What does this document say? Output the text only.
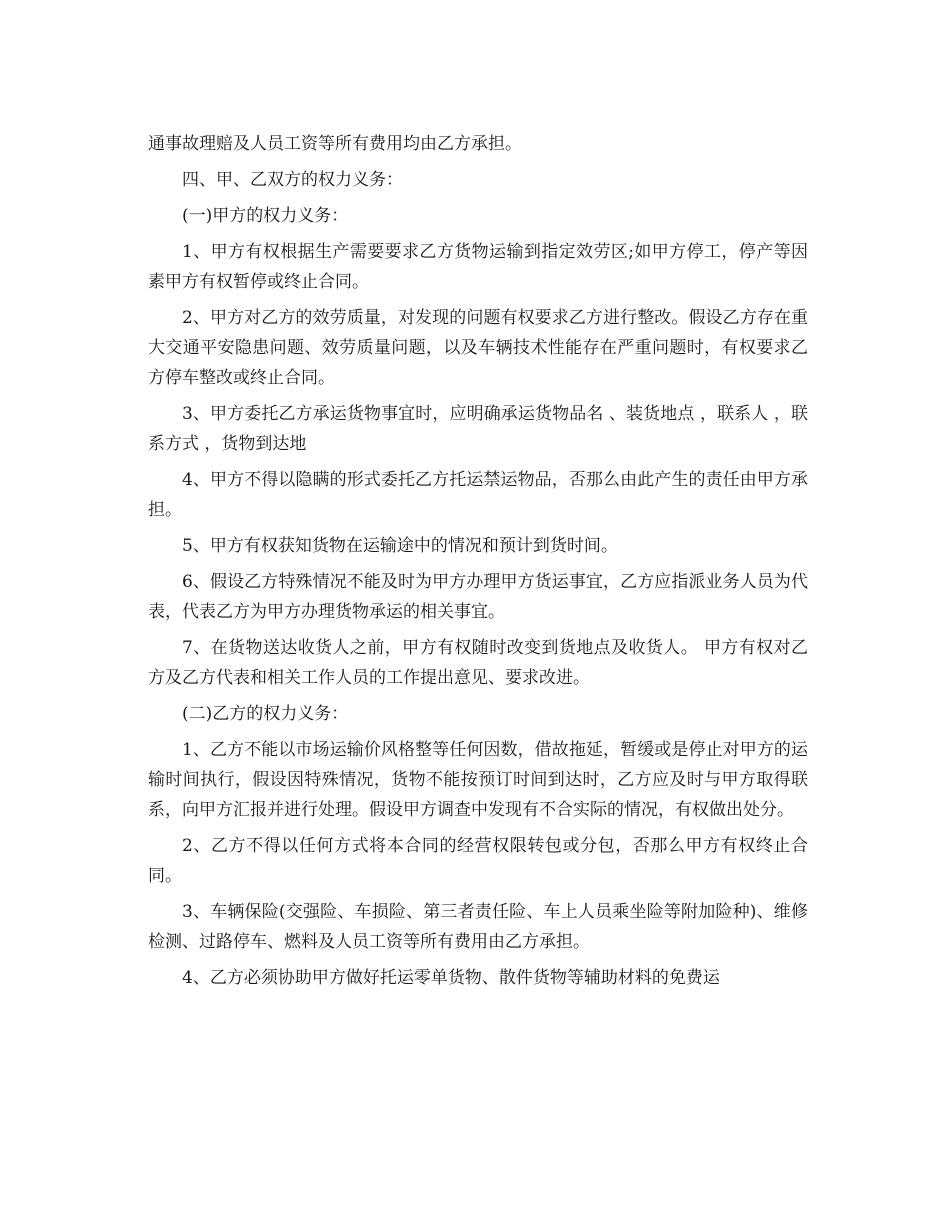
通事故理赔及人员工资等所有费用均由乙方承担。

四、甲、乙双方的权力义务：

(一)甲方的权力义务：

1、甲方有权根据生产需要要求乙方货物运输到指定效劳区;如甲方停工，停产等因素甲方有权暂停或终止合同。

2、甲方对乙方的效劳质量，对发现的问题有权要求乙方进行整改。假设乙方存在重大交通平安隐患问题、效劳质量问题，以及车辆技术性能存在严重问题时，有权要求乙方停车整改或终止合同。

3、甲方委托乙方承运货物事宜时，应明确承运货物品名 、装货地点 ，联系人 ，联系方式 ，货物到达地

4、甲方不得以隐瞒的形式委托乙方托运禁运物品，否那么由此产生的责任由甲方承担。

5、甲方有权获知货物在运输途中的情况和预计到货时间。

6、假设乙方特殊情况不能及时为甲方办理甲方货运事宜，乙方应指派业务人员为代表，代表乙方为甲方办理货物承运的相关事宜。

7、在货物送达收货人之前，甲方有权随时改变到货地点及收货人。 甲方有权对乙方及乙方代表和相关工作人员的工作提出意见、要求改进。

(二)乙方的权力义务：

1、乙方不能以市场运输价风格整等任何因数，借故拖延，暂缓或是停止对甲方的运输时间执行，假设因特殊情况，货物不能按预订时间到达时，乙方应及时与甲方取得联系，向甲方汇报并进行处理。假设甲方调查中发现有不合实际的情况，有权做出处分。

2、乙方不得以任何方式将本合同的经营权限转包或分包，否那么甲方有权终止合同。

3、车辆保险(交强险、车损险、第三者责任险、车上人员乘坐险等附加险种)、维修检测、过路停车、燃料及人员工资等所有费用由乙方承担。

4、乙方必须协助甲方做好托运零单货物、散件货物等辅助材料的免费运
